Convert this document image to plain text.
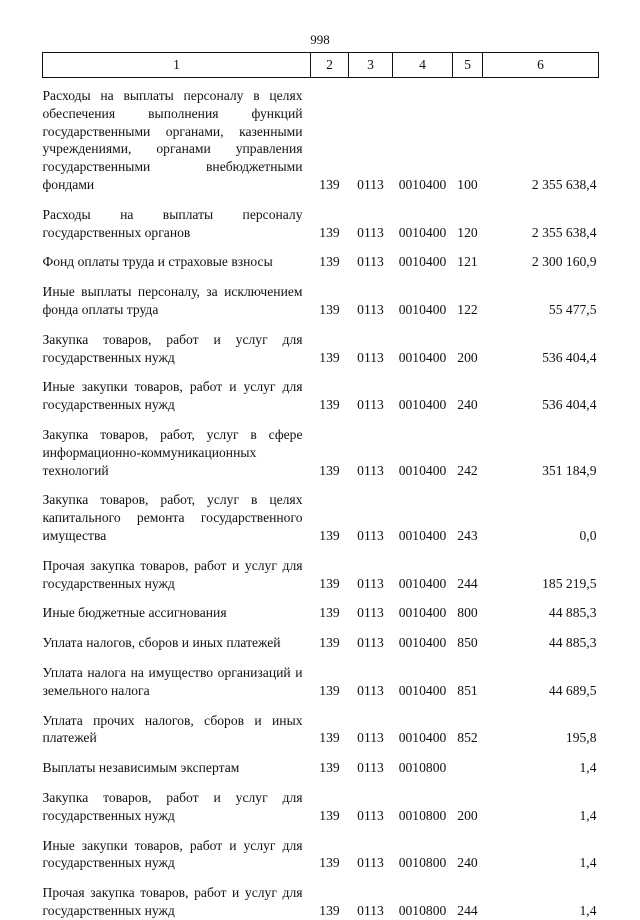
998
1	2	3	4	5	6
Расходы на выплаты персоналу в целях обеспечения выполнения функций государственными органами, казенными учреждениями, органами управления государственными внебюджетными фондами	139	0113	0010400	100	2 355 638,4
Расходы на выплаты персоналу государственных органов	139	0113	0010400	120	2 355 638,4
Фонд оплаты труда и страховые взносы	139	0113	0010400	121	2 300 160,9
Иные выплаты персоналу, за исключением фонда оплаты труда	139	0113	0010400	122	55 477,5
Закупка товаров, работ и услуг для государственных нужд	139	0113	0010400	200	536 404,4
Иные закупки товаров, работ и услуг для государственных нужд	139	0113	0010400	240	536 404,4
Закупка товаров, работ, услуг в сфере информационно-коммуникационных технологий	139	0113	0010400	242	351 184,9
Закупка товаров, работ, услуг в целях капитального ремонта государственного имущества	139	0113	0010400	243	0,0
Прочая закупка товаров, работ и услуг для государственных нужд	139	0113	0010400	244	185 219,5
Иные бюджетные ассигнования	139	0113	0010400	800	44 885,3
Уплата налогов, сборов и иных платежей	139	0113	0010400	850	44 885,3
Уплата налога на имущество организаций и земельного налога	139	0113	0010400	851	44 689,5
Уплата прочих налогов, сборов и иных платежей	139	0113	0010400	852	195,8
Выплаты независимым экспертам	139	0113	0010800		1,4
Закупка товаров, работ и услуг для государственных нужд	139	0113	0010800	200	1,4
Иные закупки товаров, работ и услуг для государственных нужд	139	0113	0010800	240	1,4
Прочая закупка товаров, работ и услуг для государственных нужд	139	0113	0010800	244	1,4
